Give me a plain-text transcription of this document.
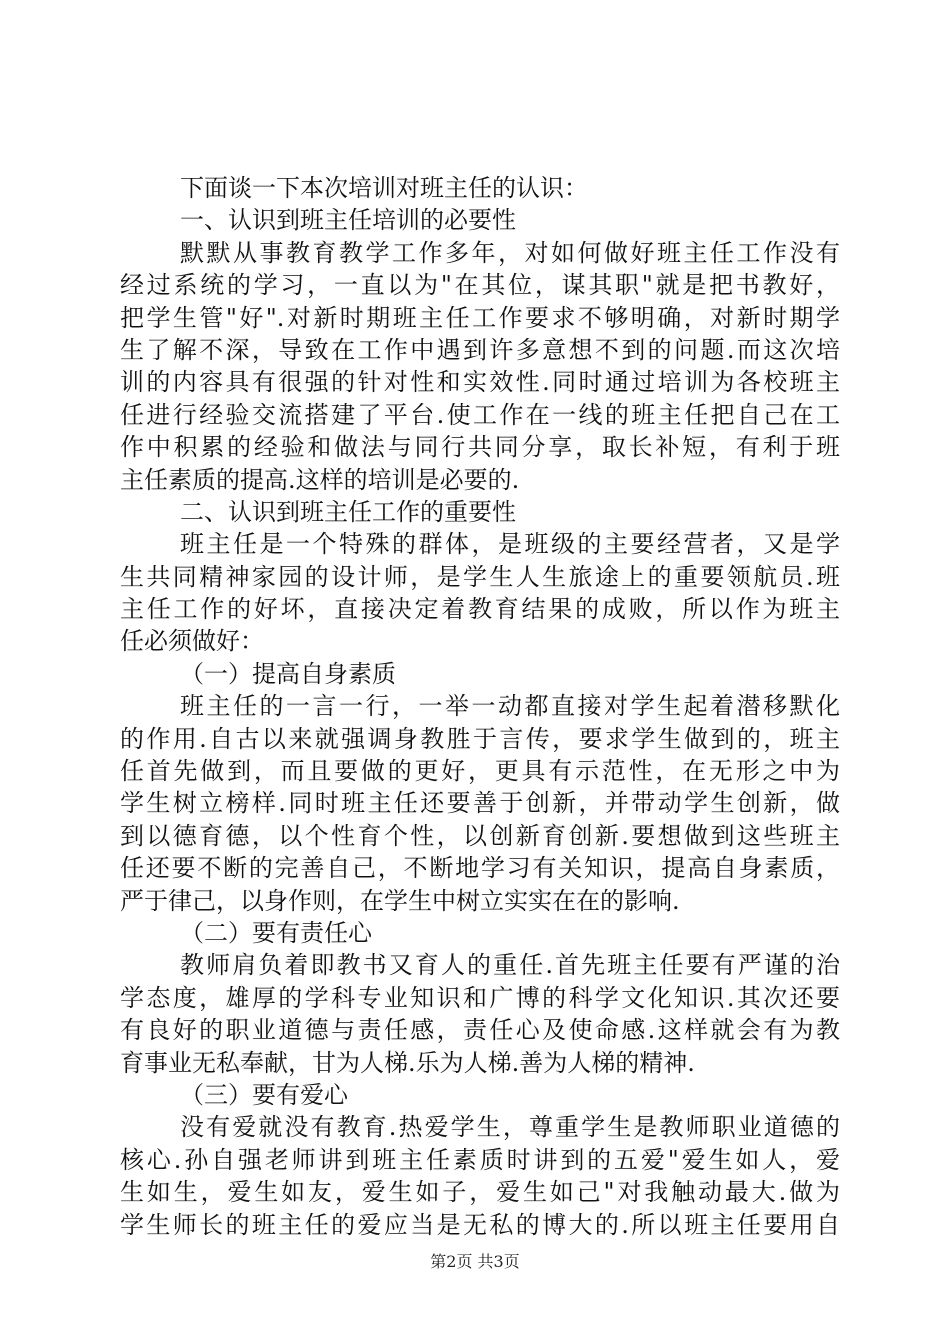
下面谈一下本次培训对班主任的认识：
一、认识到班主任培训的必要性
默默从事教育教学工作多年，对如何做好班主任工作没有
经过系统的学习，一直以为"在其位，谋其职"就是把书教好，
把学生管"好".对新时期班主任工作要求不够明确，对新时期学
生了解不深，导致在工作中遇到许多意想不到的问题.而这次培
训的内容具有很强的针对性和实效性.同时通过培训为各校班主
任进行经验交流搭建了平台.使工作在一线的班主任把自己在工
作中积累的经验和做法与同行共同分享，取长补短，有利于班
主任素质的提高.这样的培训是必要的.
二、认识到班主任工作的重要性
班主任是一个特殊的群体，是班级的主要经营者，又是学
生共同精神家园的设计师，是学生人生旅途上的重要领航员.班
主任工作的好坏，直接决定着教育结果的成败，所以作为班主
任必须做好：
（一）提高自身素质
班主任的一言一行，一举一动都直接对学生起着潜移默化
的作用.自古以来就强调身教胜于言传，要求学生做到的，班主
任首先做到，而且要做的更好，更具有示范性，在无形之中为
学生树立榜样.同时班主任还要善于创新，并带动学生创新，做
到以德育德，以个性育个性，以创新育创新.要想做到这些班主
任还要不断的完善自己，不断地学习有关知识，提高自身素质，
严于律己，以身作则，在学生中树立实实在在的影响.
（二）要有责任心
教师肩负着即教书又育人的重任.首先班主任要有严谨的治
学态度，雄厚的学科专业知识和广博的科学文化知识.其次还要
有良好的职业道德与责任感，责任心及使命感.这样就会有为教
育事业无私奉献，甘为人梯.乐为人梯.善为人梯的精神.
（三）要有爱心
没有爱就没有教育.热爱学生，尊重学生是教师职业道德的
核心.孙自强老师讲到班主任素质时讲到的五爱"爱生如人，爱
生如生，爱生如友，爱生如子，爱生如己"对我触动最大.做为
学生师长的班主任的爱应当是无私的博大的.所以班主任要用自
第2页 共3页
